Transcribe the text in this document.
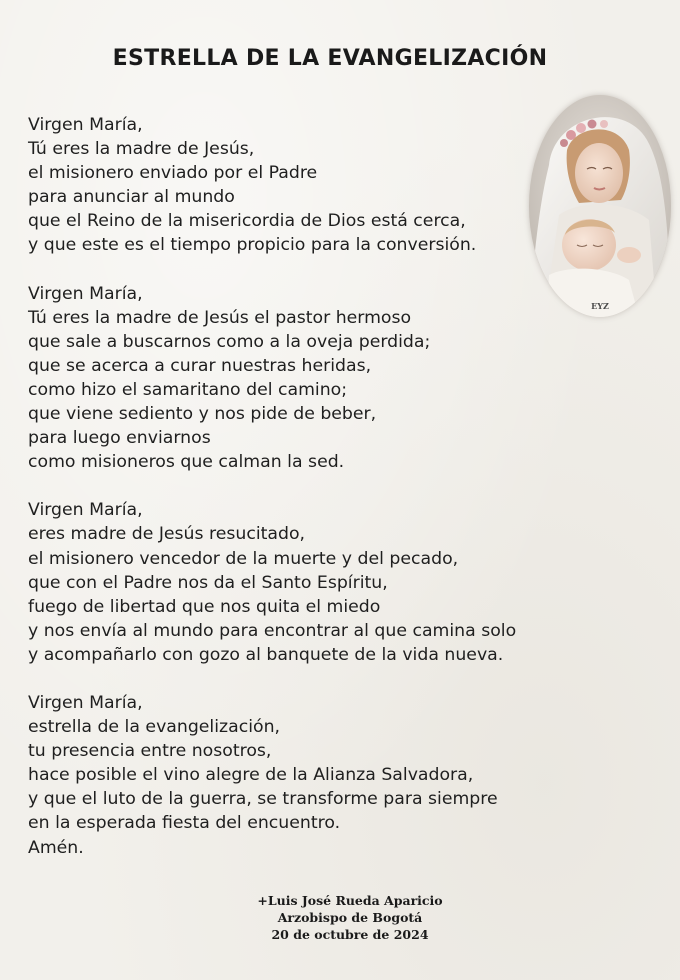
ESTRELLA DE LA EVANGELIZACIÓN
Virgen María,
Tú eres la madre de Jesús,
el misionero enviado por el Padre
para anunciar al mundo
que el Reino de la misericordia de Dios está cerca,
y que este es el tiempo propicio para la conversión.
Virgen María,
Tú eres la madre de Jesús el pastor hermoso
que sale a buscarnos como a la oveja perdida;
que se acerca a curar nuestras heridas,
como hizo el samaritano del camino;
que viene sediento y nos pide de beber,
para luego enviarnos
como misioneros que calman la sed.
Virgen María,
eres madre de Jesús resucitado,
el misionero vencedor de la muerte y del pecado,
que con el Padre nos da el Santo Espíritu,
fuego de libertad que nos quita el miedo
y nos envía al mundo para encontrar al que camina solo
y acompañarlo con gozo al banquete de la vida nueva.
Virgen María,
estrella de la evangelización,
tu presencia entre nosotros,
hace posible el vino alegre de la Alianza Salvadora,
y que el luto de la guerra, se transforme para siempre
en la esperada fiesta del encuentro.
Amén.
EYZ
+Luis José Rueda Aparicio
Arzobispo de Bogotá
20 de octubre de 2024
